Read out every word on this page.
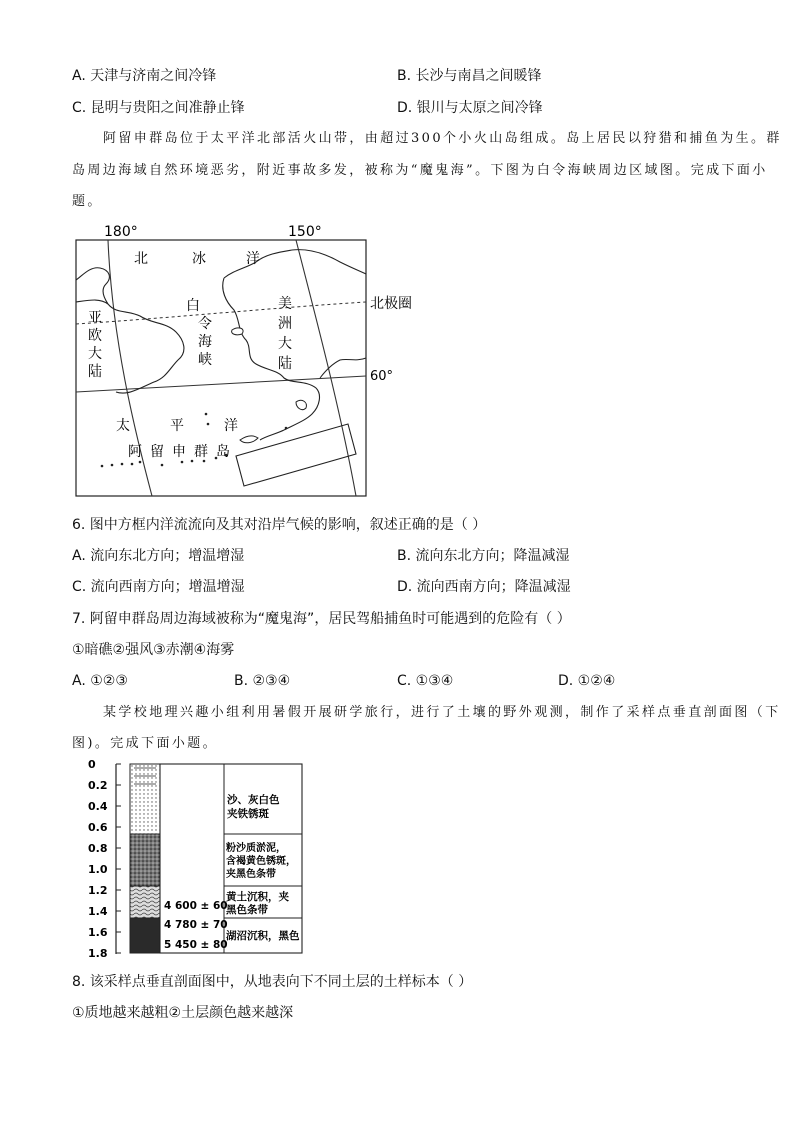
A. 天津与济南之间冷锋	B. 长沙与南昌之间暖锋
C. 昆明与贵阳之间准静止锋	D. 银川与太原之间冷锋
阿留申群岛位于太平洋北部活火山带，由超过300个小火山岛组成。岛上居民以狩猎和捕鱼为生。群
岛周边海域自然环境恶劣，附近事故多发，被称为“魔鬼海”。下图为白令海峡周边区域图。完成下面小
题。
180°	150°
北极圈
60°
北	冰	洋
亚
欧
大
陆
白
令
海
峡
美
洲
大
陆
太	平	洋
阿 留 申 群 岛
6. 图中方框内洋流流向及其对沿岸气候的影响，叙述正确的是（ ）
A. 流向东北方向；增温增湿	B. 流向东北方向；降温减湿
C. 流向西南方向；增温增湿	D. 流向西南方向；降温减湿
7. 阿留申群岛周边海域被称为“魔鬼海”，居民驾船捕鱼时可能遇到的危险有（ ）
①暗礁②强风③赤潮④海雾
A. ①②③	B. ②③④	C. ①③④	D. ①②④
某学校地理兴趣小组利用暑假开展研学旅行，进行了土壤的野外观测，制作了采样点垂直剖面图（下
图)。完成下面小题。
0
0.2
0.4
0.6
0.8
1.0
1.2
1.4
1.6
1.8
4 600 ± 60
4 780 ± 70
5 450 ± 80
沙、灰白色
夹铁锈斑
粉沙质淤泥，
含褐黄色锈斑，
夹黑色条带
黄土沉积，夹
黑色条带
湖沼沉积，黑色
8. 该采样点垂直剖面图中，从地表向下不同土层的土样标本（ ）
①质地越来越粗②土层颜色越来越深
